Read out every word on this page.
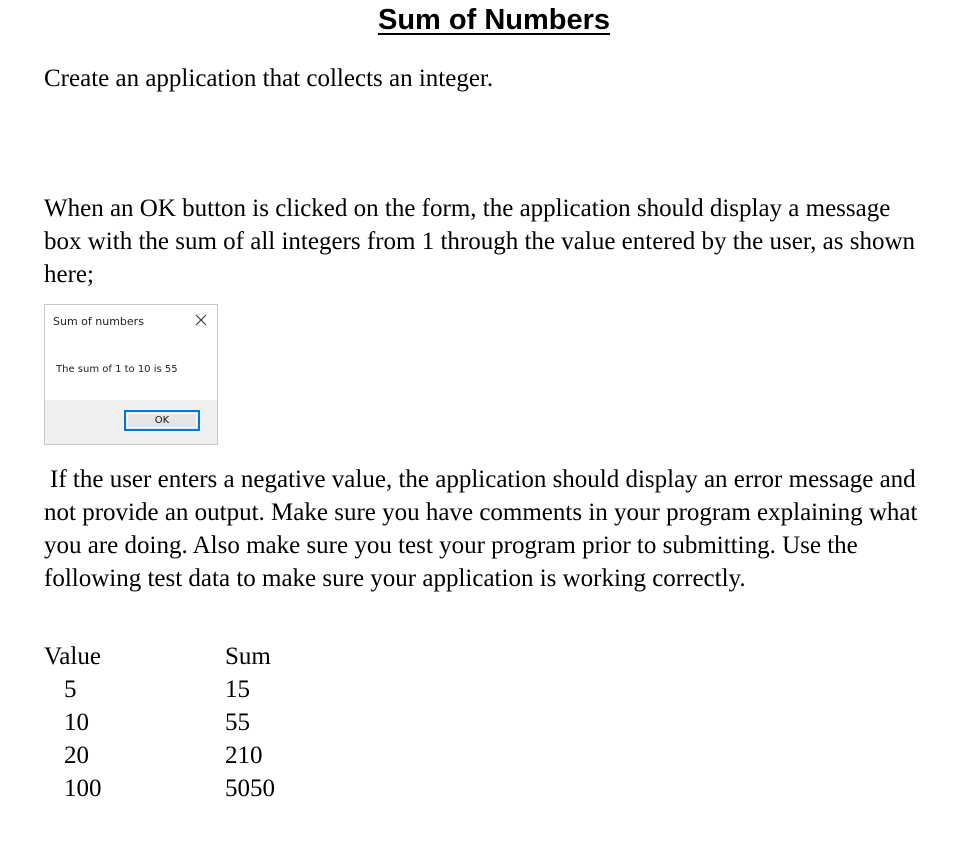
Sum of Numbers

Create an application that collects an integer.

When an OK button is clicked on the form, the application should display a message box with the sum of all integers from 1 through the value entered by the user, as shown here;

Sum of numbers
The sum of 1 to 10 is 55
OK

If the user enters a negative value, the application should display an error message and not provide an output. Make sure you have comments in your program explaining what you are doing. Also make sure you test your program prior to submitting. Use the following test data to make sure your application is working correctly.

Value	Sum
5	15
10	55
20	210
100	5050
